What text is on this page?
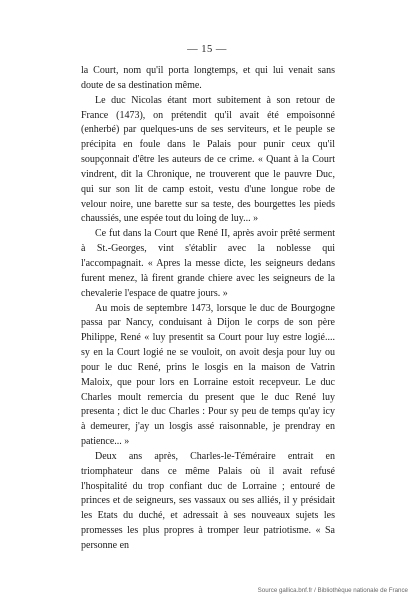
— 15 —

la Court, nom qu'il porta longtemps, et qui lui venait sans doute de sa destination même.

Le duc Nicolas étant mort subitement à son retour de France (1473), on prétendit qu'il avait été empoisonné (enherbé) par quelques-uns de ses serviteurs, et le peuple se précipita en foule dans le Palais pour punir ceux qu'il soupçonnait d'être les auteurs de ce crime. « Quant à la Court vindrent, dit la Chronique, ne trouverent que le pauvre Duc, qui sur son lit de camp estoit, vestu d'une longue robe de velour noire, une barette sur sa teste, des bourgettes les pieds chaussiés, une espée tout du loing de luy... »

Ce fut dans la Court que René II, après avoir prêté serment à St.-Georges, vint s'établir avec la noblesse qui l'accompagnait. « Apres la messe dicte, les seigneurs dedans furent menez, là firent grande chiere avec les seigneurs de la chevalerie l'espace de quatre jours. »

Au mois de septembre 1473, lorsque le duc de Bourgogne passa par Nancy, conduisant à Dijon le corps de son père Philippe, René « luy presentit sa Court pour luy estre logié.... sy en la Court logié ne se vouloit, on avoit desja pour luy ou pour le duc René, prins le losgis en la maison de Vatrin Maloix, que pour lors en Lorraine estoit recepveur. Le duc Charles moult remercia du present que le duc René luy presenta ; dict le duc Charles : Pour sy peu de temps qu'ay icy à demeurer, j'ay un losgis assé raisonnable, je prendray en patience... »

Deux ans après, Charles-le-Téméraire entrait en triomphateur dans ce même Palais où il avait refusé l'hospitalité du trop confiant duc de Lorraine ; entouré de princes et de seigneurs, ses vassaux ou ses alliés, il y présidait les Etats du duché, et adressait à ses nouveaux sujets les promesses les plus propres à tromper leur patriotisme. « Sa personne en

Source gallica.bnf.fr / Bibliothèque nationale de France
